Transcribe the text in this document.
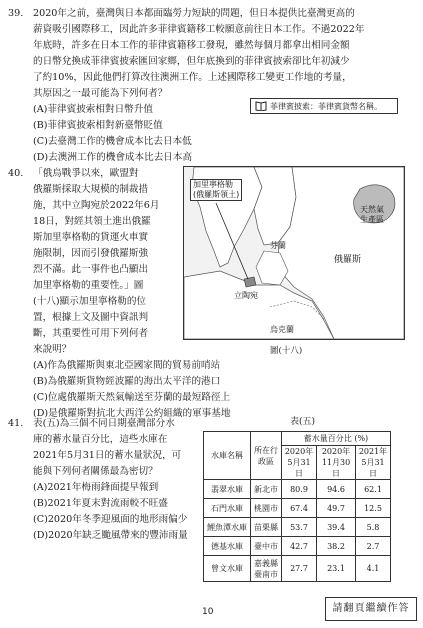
39. 2020年之前，臺灣與日本都面臨勞力短缺的問題，但日本提供比臺灣更高的
薪資吸引國際移工，因此許多菲律賓籍移工較願意前往日本工作。不過2022年
年底時，許多在日本工作的菲律賓籍移工發現，雖然每個月都拿出相同金額
的日幣兌換成菲律賓披索匯回家鄉，但年底換到的菲律賓披索卻比年初減少
了約10%，因此他們打算改往澳洲工作。上述國際移工變更工作地的考量，
其原因之一最可能為下列何者？
(A)菲律賓披索相對日幣升值
(B)菲律賓披索相對新臺幣貶值
(C)去臺灣工作的機會成本比去日本低
(D)去澳洲工作的機會成本比去日本高
菲律賓披索：菲律賓貨幣名稱。
40. 「俄烏戰爭以來，歐盟對
俄羅斯採取大規模的制裁措
施，其中立陶宛於2022年6月
18日，對經其領土進出俄羅
斯加里寧格勒的貨運火車實
施限制，因而引發俄羅斯強
烈不滿。此一事件也凸顯出
加里寧格勒的重要性。」圖
(十八)顯示加里寧格勒的位
置，根據上文及圖中資訊判
斷，其重要性可用下列何者
來說明？
(A)作為俄羅斯與東北亞國家間的貿易前哨站
(B)為俄羅斯貨物經波羅的海出太平洋的港口
(C)位處俄羅斯天然氣輸送至芬蘭的最短路徑上
(D)是俄羅斯對抗北大西洋公約組織的軍事基地
加里寧格勒
(俄羅斯領土)
天然氣
生產區
芬蘭
俄羅斯
立陶宛
烏克蘭
圖(十八)
41. 表(五)為三個不同日期臺灣部分水
庫的蓄水量百分比，這些水庫在
2021年5月31日的蓄水量狀況，可
能與下列何者關係最為密切？
(A)2021年梅雨鋒面提早報到
(B)2021年夏末對流雨較不旺盛
(C)2020年冬季迎風面的地形雨偏少
(D)2020年缺乏颱風帶來的豐沛雨量
表(五)
水庫名稱	所在行政區	蓄水量百分比 (%)		
		2020年5月31日	2020年11月30日	2021年5月31日
翡翠水庫	新北市	80.9	94.6	62.1
石門水庫	桃園市	67.4	49.7	12.5
鯉魚潭水庫	苗栗縣	53.7	39.4	5.8
德基水庫	臺中市	42.7	38.2	2.7
曾文水庫	嘉義縣
臺南市	27.7	23.1	4.1
10	請翻頁繼續作答
